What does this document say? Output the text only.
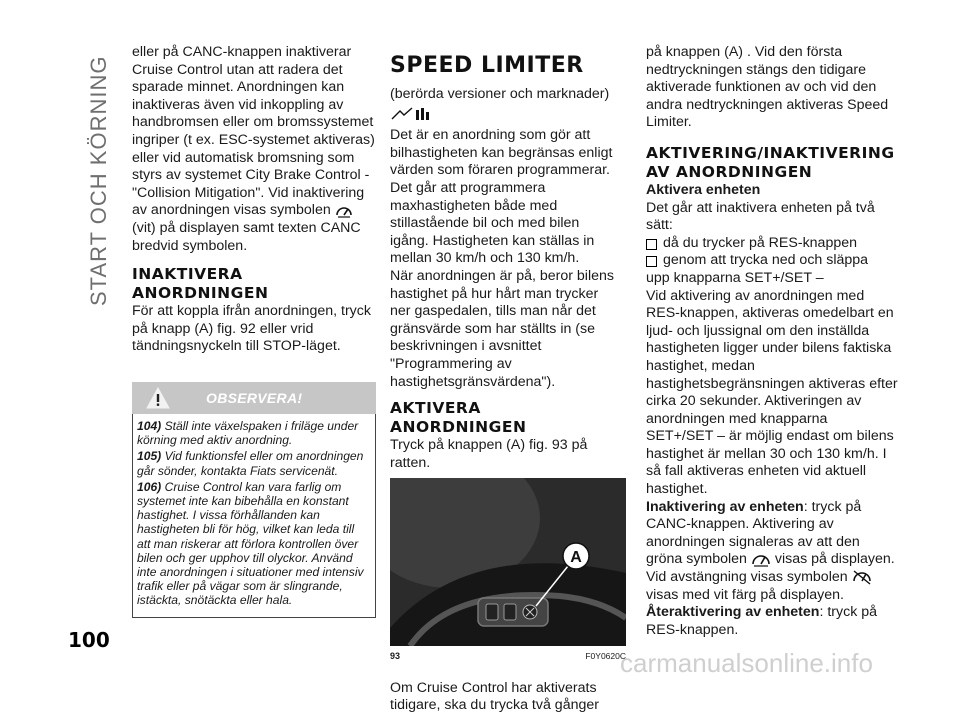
START OCH KÖRNING
100

eller på CANC-knappen inaktiverar Cruise Control utan att radera det sparade minnet. Anordningen kan inaktiveras även vid inkoppling av handbromsen eller om bromssystemet ingriper (t ex. ESC-systemet aktiveras) eller vid automatisk bromsning som styrs av systemet City Brake Control - "Collision Mitigation". Vid inaktivering av anordningen visas symbolen  (vit) på displayen samt texten CANC bredvid symbolen.

INAKTIVERA ANORDNINGEN

För att koppla ifrån anordningen, tryck på knapp (A) fig. 92 eller vrid tändningsnyckeln till STOP-läget.

OBSERVERA!

104) Ställ inte växelspaken i friläge under körning med aktiv anordning.

105) Vid funktionsfel eller om anordningen går sönder, kontakta Fiats servicenät.

106) Cruise Control kan vara farlig om systemet inte kan bibehålla en konstant hastighet. I vissa förhållanden kan hastigheten bli för hög, vilket kan leda till att man riskerar att förlora kontrollen över bilen och ger upphov till olyckor. Använd inte anordningen i situationer med intensiv trafik eller på vägar som är slingrande, istäckta, snötäckta eller hala.

SPEED LIMITER

(berörda versioner och marknader)

Det är en anordning som gör att bilhastigheten kan begränsas enligt värden som föraren programmerar. Det går att programmera maxhastigheten både med stillastående bil och med bilen igång. Hastigheten kan ställas in mellan 30 km/h och 130 km/h.

När anordningen är på, beror bilens hastighet på hur hårt man trycker ner gaspedalen, tills man når det gränsvärde som har ställts in (se beskrivningen i avsnittet "Programmering av hastighetsgränsvärdena").

AKTIVERA ANORDNINGEN

Tryck på knappen (A) fig. 93 på ratten.

A
93	F0Y0620C

Om Cruise Control har aktiverats tidigare, ska du trycka två gånger

på knappen (A) . Vid den första nedtryckningen stängs den tidigare aktiverade funktionen av och vid den andra nedtryckningen aktiveras Speed Limiter.

AKTIVERING/INAKTIVERING AV ANORDNINGEN

Aktivera enheten

Det går att inaktivera enheten på två sätt:

då du trycker på RES-knappen
genom att trycka ned och släppa

upp knapparna SET+/SET –

Vid aktivering av anordningen med RES-knappen, aktiveras omedelbart en ljud- och ljussignal om den inställda hastigheten ligger under bilens faktiska hastighet, medan hastighetsbegränsningen aktiveras efter cirka 20 sekunder. Aktiveringen av anordningen med knapparna SET+/SET – är möjlig endast om bilens hastighet är mellan 30 och 130 km/h. I så fall aktiveras enheten vid aktuell hastighet.

Inaktivering av enheten: tryck på CANC-knappen. Aktivering av anordningen signaleras av att den

gröna symbolen visas på displayen.

Vid avstängning visas symbolen

visas med vit färg på displayen.

Återaktivering av enheten: tryck på RES-knappen.

carmanualsonline.info
